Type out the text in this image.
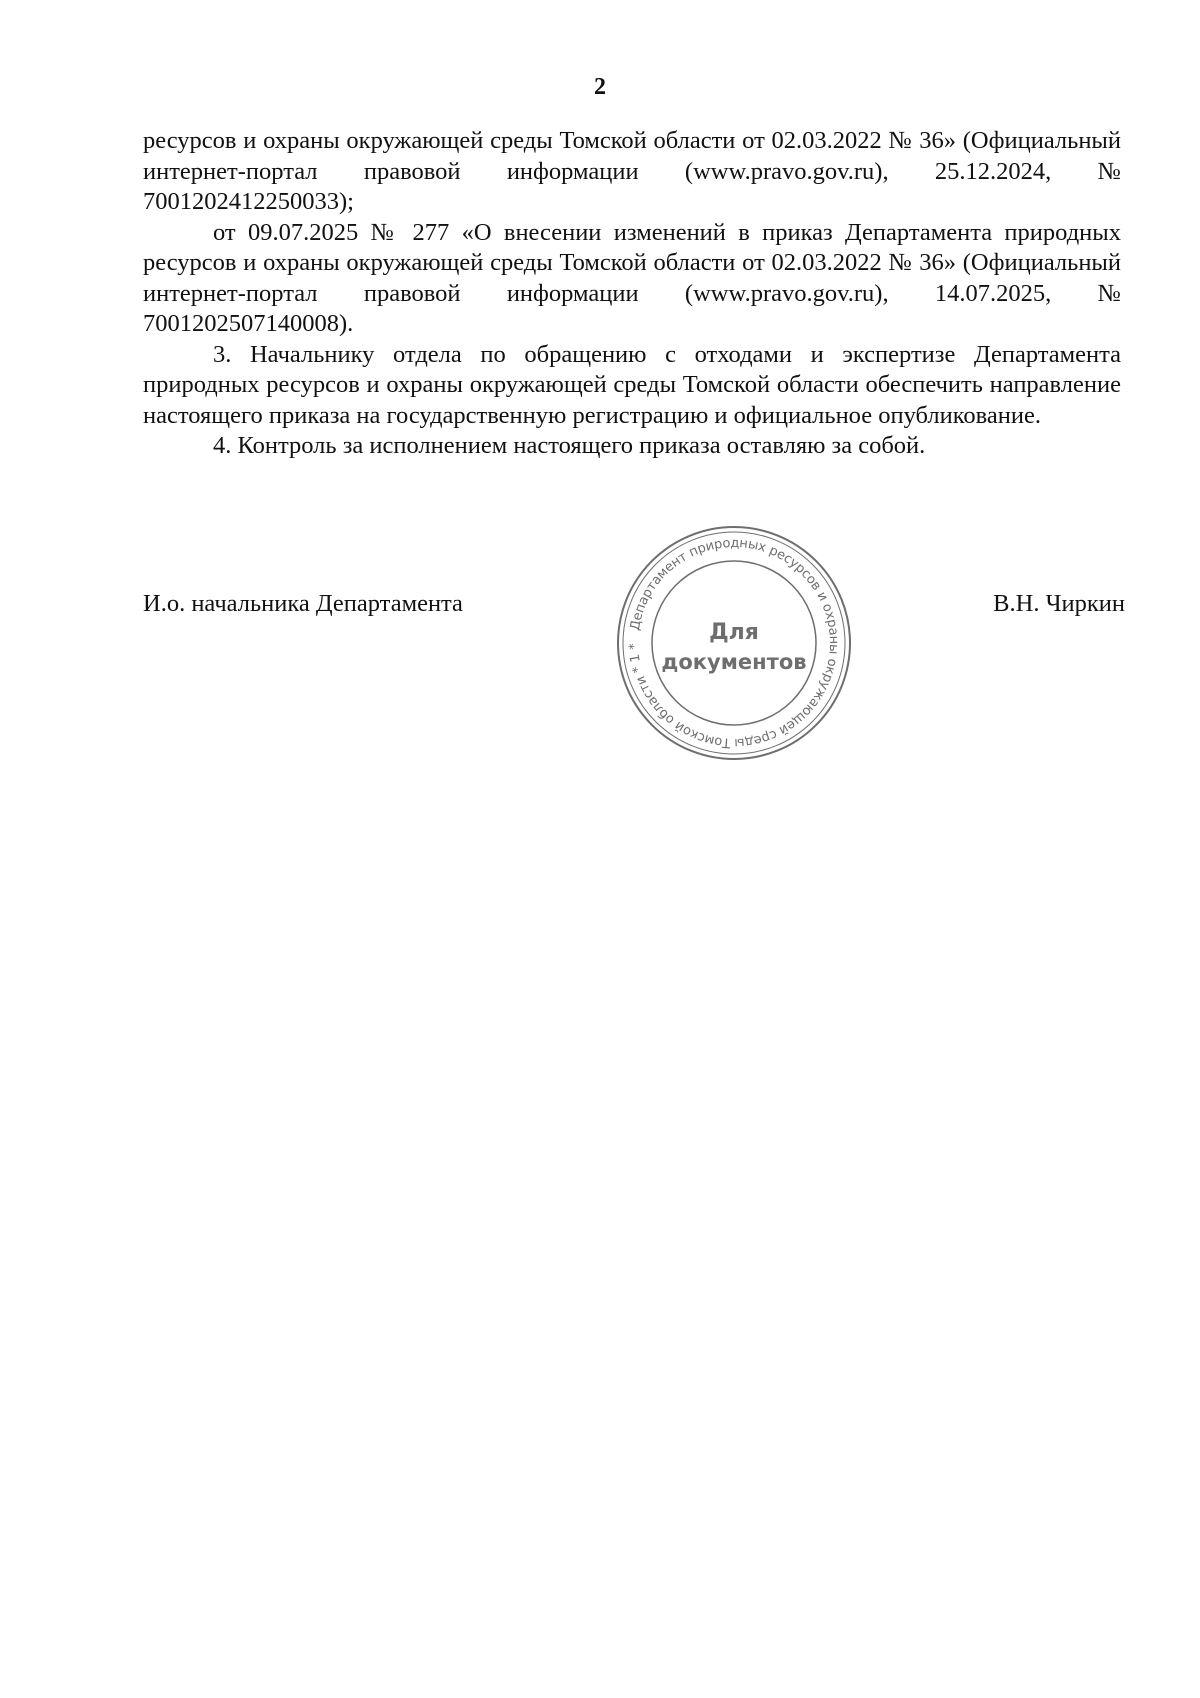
2

ресурсов и охраны окружающей среды Томской области от 02.03.2022 № 36» (Официальный интернет-портал правовой информации (www.pravo.gov.ru), 25.12.2024, № 7001202412250033);

от 09.07.2025 № 277 «О внесении изменений в приказ Департамента природных ресурсов и охраны окружающей среды Томской области от 02.03.2022 № 36» (Официальный интернет-портал правовой информации (www.pravo.gov.ru), 14.07.2025, № 7001202507140008).

3. Начальнику отдела по обращению с отходами и экспертизе Департамента природных ресурсов и охраны окружающей среды Томской области обеспечить направление настоящего приказа на государственную регистрацию и официальное опубликование.

4. Контроль за исполнением настоящего приказа оставляю за собой.

И.о. начальника Департамента	В.Н. Чиркин
Департамент природных ресурсов и охраны окружающей среды Томской области * 1 *
Для
документов
